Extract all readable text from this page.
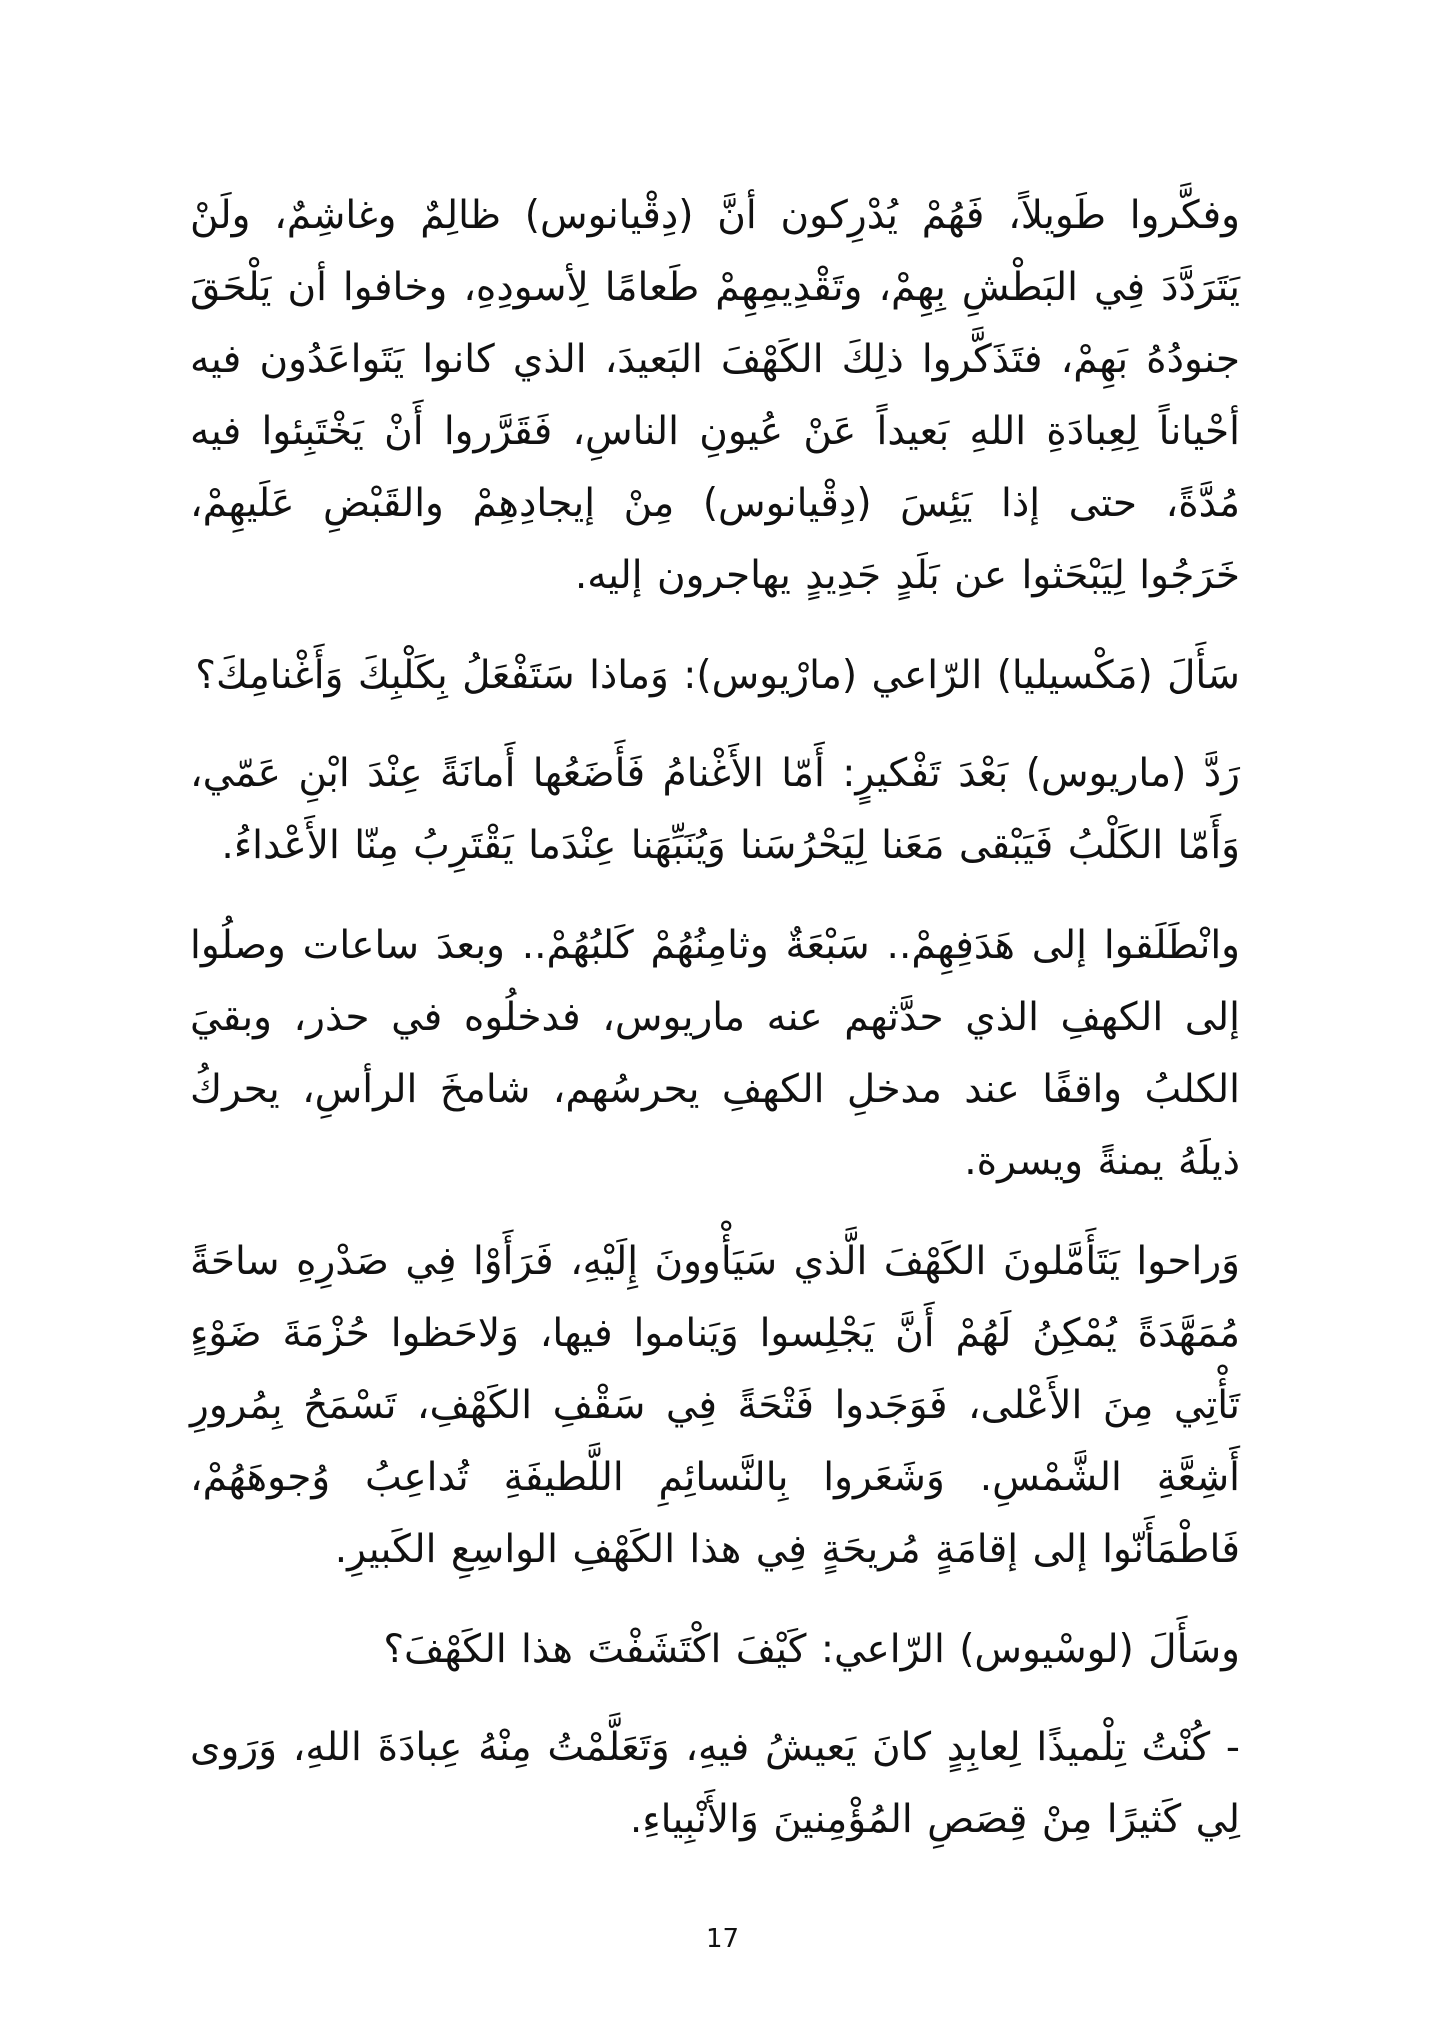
وفكَّروا طَويلاً، فَهُمْ يُدْرِكون أنَّ (دِقْيانوس) ظالِمٌ وغاشِمٌ، ولَنْ يَتَرَدَّدَ فِي البَطْشِ بِهِمْ، وتَقْدِيمِهِمْ طَعامًا لِأسودِهِ، وخافوا أن يَلْحَقَ جنودُهُ بَهِمْ، فتَذَكَّروا ذلِكَ الكَهْفَ البَعيدَ، الذي كانوا يَتَواعَدُون فيه أحْياناً لِعِبادَةِ اللهِ بَعيداً عَنْ عُيونِ الناسِ، فَقَرَّروا أَنْ يَخْتَبِئوا فيه مُدَّةً، حتى إذا يَئِسَ (دِقْيانوس) مِنْ إيجادِهِمْ والقَبْضِ عَلَيهِمْ، خَرَجُوا لِيَبْحَثوا عن بَلَدٍ جَدِيدٍ يهاجرون إليه.

سَأَلَ (مَكْسيليا) الرّاعي (مارْيوس): وَماذا سَتَفْعَلُ بِكَلْبِكَ وَأَغْنامِكَ؟

رَدَّ (ماريوس) بَعْدَ تَفْكيرٍ: أَمّا الأَغْنامُ فَأَضَعُها أَمانَةً عِنْدَ ابْنِ عَمّي، وَأَمّا الكَلْبُ فَيَبْقى مَعَنا لِيَحْرُسَنا وَيُنَبِّهَنا عِنْدَما يَقْتَرِبُ مِنّا الأَعْداءُ.

وانْطَلَقوا إلى هَدَفِهِمْ.. سَبْعَةٌ وثامِنُهُمْ كَلبُهُمْ.. وبعدَ ساعات وصلُوا إلى الكهفِ الذي حدَّثهم عنه ماريوس، فدخلُوه في حذر، وبقيَ الكلبُ واقفًا عند مدخلِ الكهفِ يحرسُهم، شامخَ الرأسِ، يحركُ ذيلَهُ يمنةً ويسرة.

وَراحوا يَتَأَمَّلونَ الكَهْفَ الَّذي سَيَأْوونَ إِلَيْهِ، فَرَأَوْا فِي صَدْرِهِ ساحَةً مُمَهَّدَةً يُمْكِنُ لَهُمْ أَنَّ يَجْلِسوا وَيَناموا فيها، وَلاحَظوا حُزْمَةَ ضَوْءٍ تَأْتِي مِنَ الأَعْلى، فَوَجَدوا فَتْحَةً فِي سَقْفِ الكَهْفِ، تَسْمَحُ بِمُرورِ أَشِعَّةِ الشَّمْسِ. وَشَعَروا بِالنَّسائِمِ اللَّطيفَةِ تُداعِبُ وُجوهَهُمْ، فَاطْمَأَنّوا إلى إقامَةٍ مُريحَةٍ فِي هذا الكَهْفِ الواسِعِ الكَبيرِ.

وسَأَلَ (لوسْيوس) الرّاعي: كَيْفَ اكْتَشَفْتَ هذا الكَهْفَ؟

- كُنْتُ تِلْميذًا لِعابِدٍ كانَ يَعيشُ فيهِ، وَتَعَلَّمْتُ مِنْهُ عِبادَةَ اللهِ، وَرَوى لِي كَثيرًا مِنْ قِصَصِ المُؤْمِنينَ وَالأَنْبِياءِ.

17
